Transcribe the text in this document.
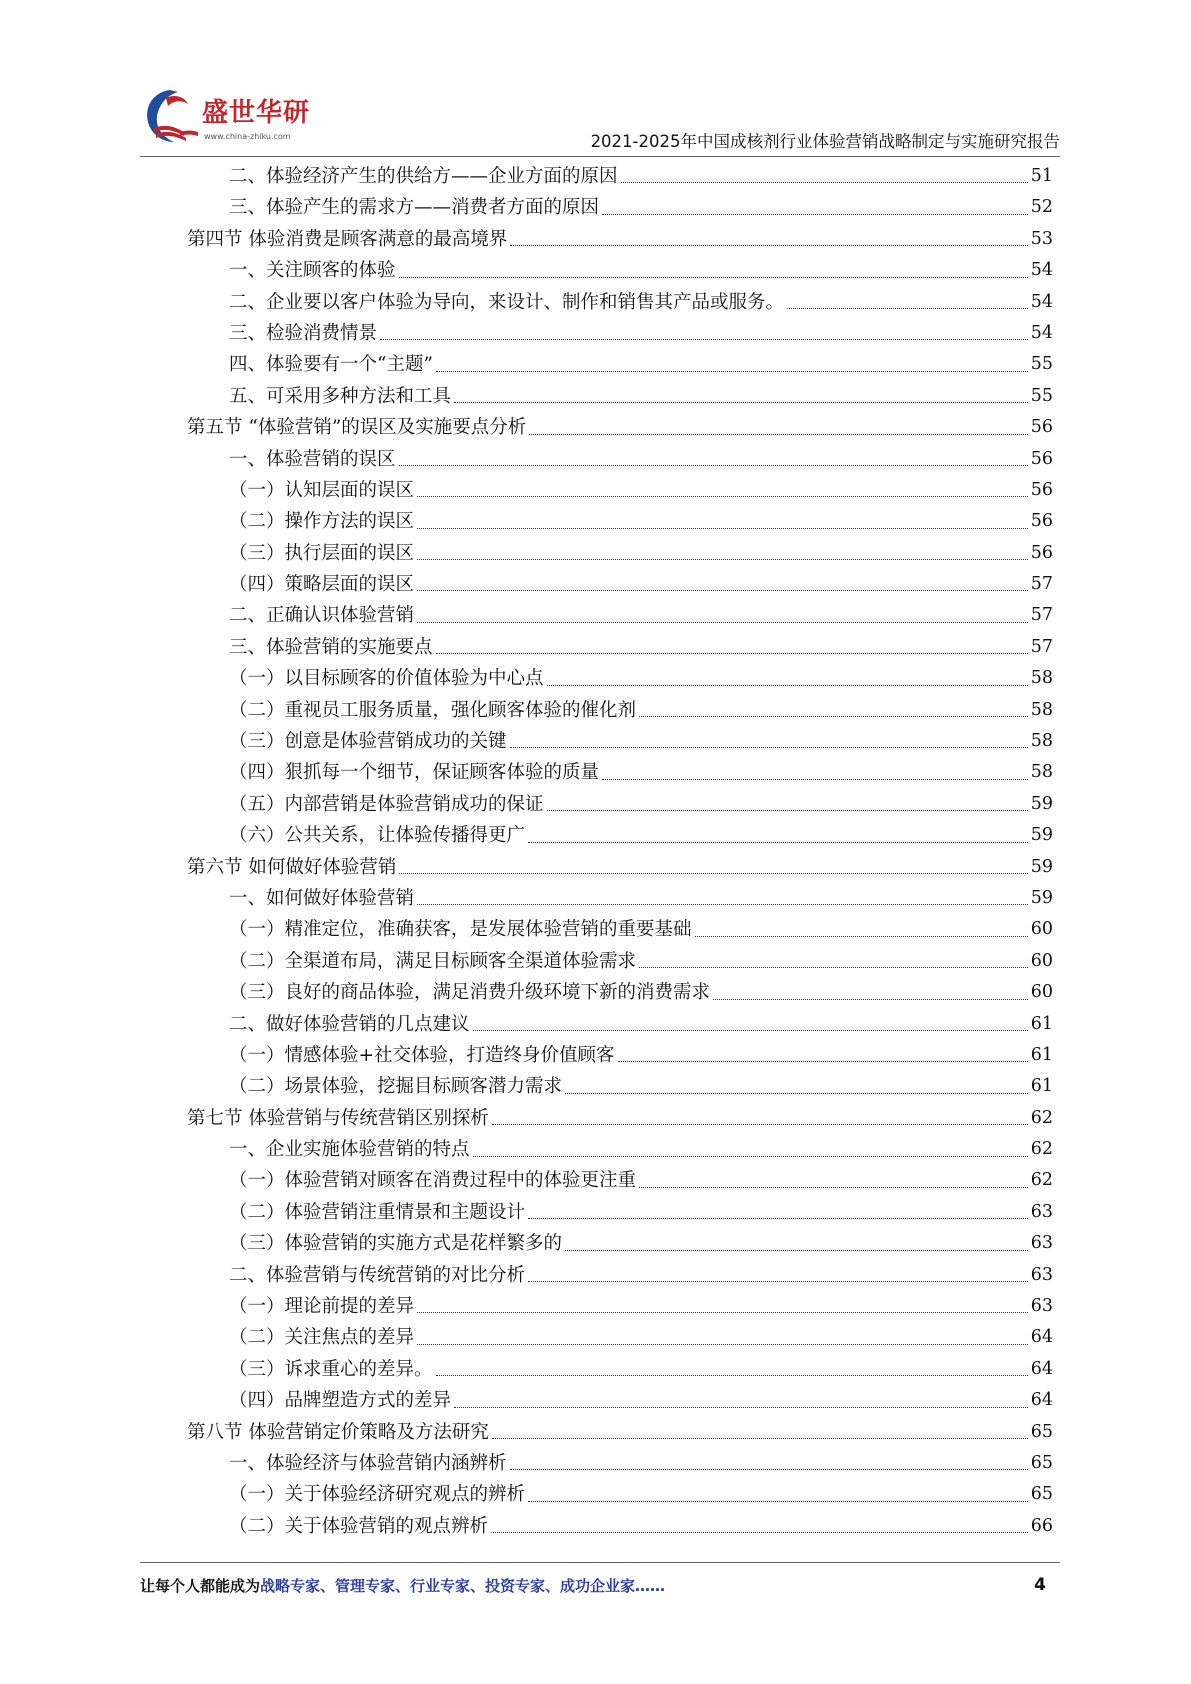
盛世华研
www.china-zhiku.com	2021-2025年中国成核剂行业体验营销战略制定与实施研究报告
二、体验经济产生的供给方——企业方面的原因	51
三、体验产生的需求方——消费者方面的原因	52
第四节 体验消费是顾客满意的最高境界	53
一、关注顾客的体验	54
二、企业要以客户体验为导向，来设计、制作和销售其产品或服务。	54
三、检验消费情景	54
四、体验要有一个“主题”	55
五、可采用多种方法和工具	55
第五节 “体验营销”的误区及实施要点分析	56
一、体验营销的误区	56
（一）认知层面的误区	56
（二）操作方法的误区	56
（三）执行层面的误区	56
（四）策略层面的误区	57
二、正确认识体验营销	57
三、体验营销的实施要点	57
（一）以目标顾客的价值体验为中心点	58
（二）重视员工服务质量，强化顾客体验的催化剂	58
（三）创意是体验营销成功的关键	58
（四）狠抓每一个细节，保证顾客体验的质量	58
（五）内部营销是体验营销成功的保证	59
（六）公共关系，让体验传播得更广	59
第六节 如何做好体验营销	59
一、如何做好体验营销	59
（一）精准定位，准确获客，是发展体验营销的重要基础	60
（二）全渠道布局，满足目标顾客全渠道体验需求	60
（三）良好的商品体验，满足消费升级环境下新的消费需求	60
二、做好体验营销的几点建议	61
（一）情感体验+社交体验，打造终身价值顾客	61
（二）场景体验，挖掘目标顾客潜力需求	61
第七节 体验营销与传统营销区别探析	62
一、企业实施体验营销的特点	62
（一）体验营销对顾客在消费过程中的体验更注重	62
（二）体验营销注重情景和主题设计	63
（三）体验营销的实施方式是花样繁多的	63
二、体验营销与传统营销的对比分析	63
（一）理论前提的差异	63
（二）关注焦点的差异	64
（三）诉求重心的差异。	64
（四）品牌塑造方式的差异	64
第八节 体验营销定价策略及方法研究	65
一、体验经济与体验营销内涵辨析	65
（一）关于体验经济研究观点的辨析	65
（二）关于体验营销的观点辨析	66
让每个人都能成为战略专家、管理专家、行业专家、投资专家、成功企业家……	4
